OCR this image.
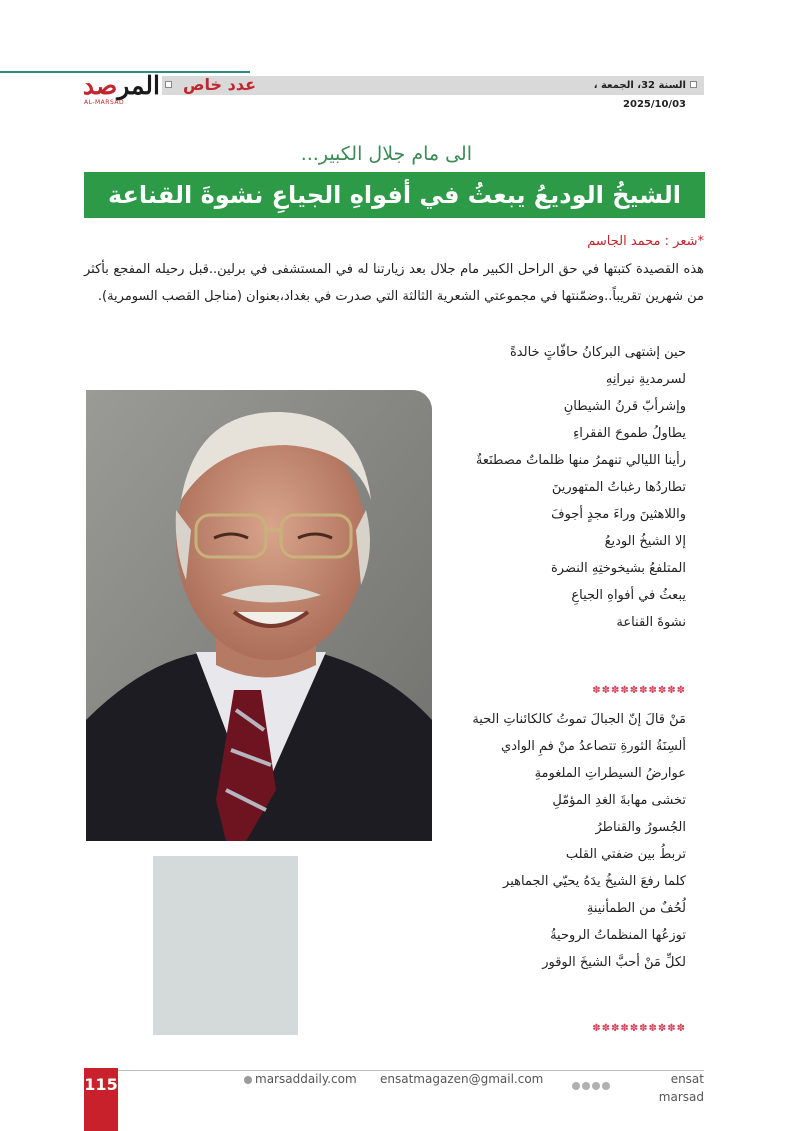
المرصد
AL-MARSAD
عدد خاص	السنة 32، الجمعة ، 2025/10/03
الى مام جلال الكبير...
الشيخُ الوديعُ يبعثُ في أفواهِ الجياعِ نشوةَ القناعة
*شعر : محمد الجاسم
هذه القصيدة كتبتها في حق الراحل الكبير مام جلال بعد زيارتنا له في المستشفى في برلين..قبل رحيله المفجع بأكثر من شهرين تقريباً..وضمّنتها في مجموعتي الشعرية الثالثة التي صدرت في بغداد،بعنوان (مناجل القصب السومرية).
حين إشتهى البركانُ حافّاتٍ خالدةً
لسرمديةِ نيرانِهِ
وإشرأبّ قرنُ الشيطانِ
يطاولُ طموحَ الفقراءِ
رأينا الليالي تنهمرُ منها ظلماتٌ مصطنَعةٌ
تطاردُها رغباتُ المتهورينَ
واللاهثينَ وراءَ مجدٍ أجوفَ
إلا الشيخُ الوديعُ
المتلفعُ بشيخوختِهِ النضرة
يبعثُ في أفواهِ الجياعِ
نشوةَ القناعة
✽✽✽✽✽✽✽✽✽✽
مَنْ قالَ إنّ الجبالَ تموتُ كالكائناتِ الحية
ألسِنَةُ الثورةِ تتصاعدُ منْ فمِ الوادي
عوارضُ السيطراتِ الملغومةِ
تخشى مهابةَ الغدِ المؤمّلِ
الجُسورُ والقناطرُ
تربطُ بين ضفتي القلب
كلما رفعَ الشيخُ يدَهُ يحيّي الجماهير
لُحُفٌ من الطمأنينةِ
توزعُها المنظماتُ الروحيةُ
لكلِّ مَنْ أحبَّ الشيخَ الوقور
✽✽✽✽✽✽✽✽✽✽
115	marsaddaily.com	ensatmagazen@gmail.com	ensat marsad
